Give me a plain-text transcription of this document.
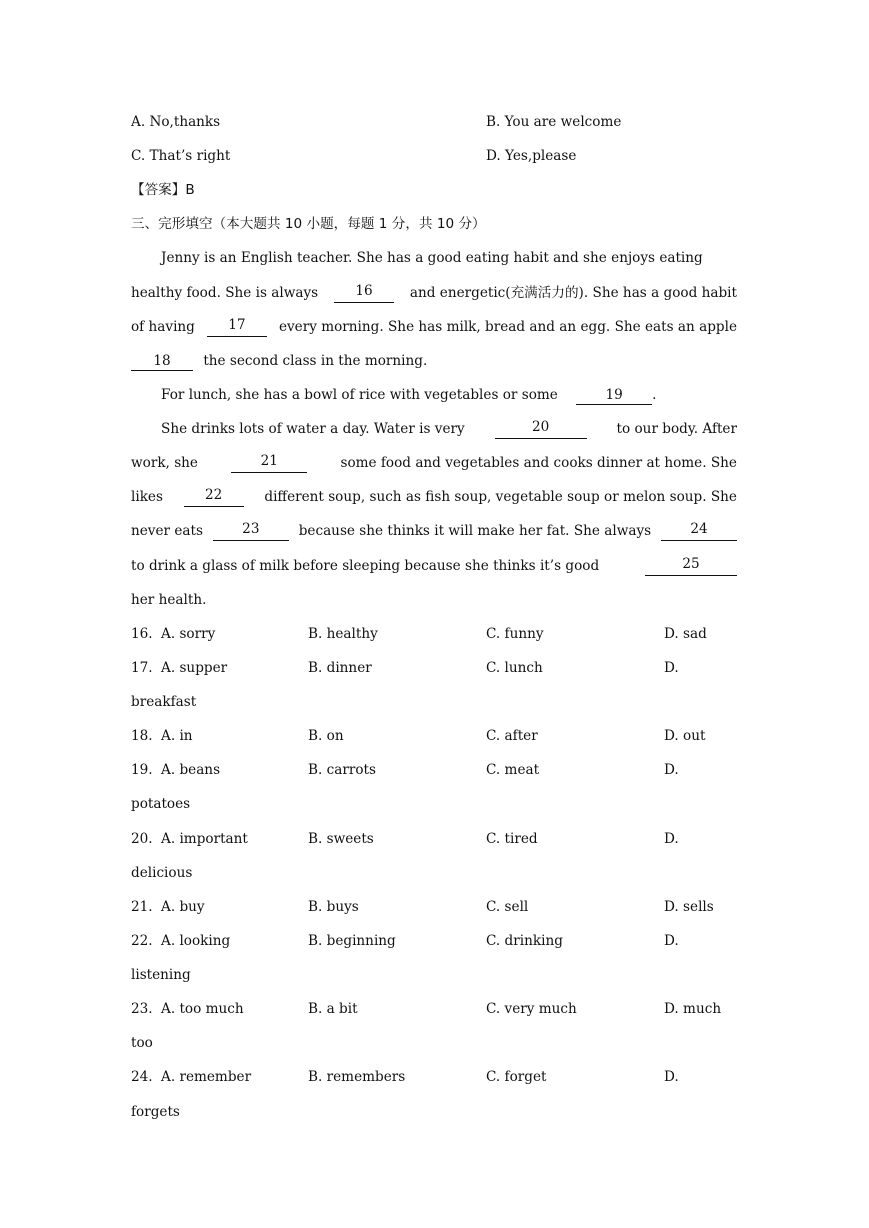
A. No,thanks	B. You are welcome
C. That’s right	D. Yes,please
【答案】B
三、完形填空（本大题共 10 小题，每题 1 分，共 10 分）
Jenny is an English teacher. She has a good eating habit and she enjoys eating
healthy food. She is always	16	and energetic(充满活力的). She has a good habit
of having	17	every morning. She has milk, bread and an egg. She eats an apple
18 the second class in the morning.
For lunch, she has a bowl of rice with vegetables or some	19 .
She drinks lots of water a day. Water is very	20	to our body. After
work, she	21	some food and vegetables and cooks dinner at home. She
likes	22	different soup, such as fish soup, vegetable soup or melon soup. She
never eats	23	because she thinks it will make her fat. She always	24
to drink a glass of milk before sleeping because she thinks it’s good	25
her health.
16. A. sorry	B. healthy	C. funny	D. sad
17. A. supper	B. dinner	C. lunch	D.
breakfast
18. A. in	B. on	C. after	D. out
19. A. beans	B. carrots	C. meat	D.
potatoes
20. A. important	B. sweets	C. tired	D.
delicious
21. A. buy	B. buys	C. sell	D. sells
22. A. looking	B. beginning	C. drinking	D.
listening
23. A. too much	B. a bit	C. very much	D. much
too
24. A. remember	B. remembers	C. forget	D.
forgets
